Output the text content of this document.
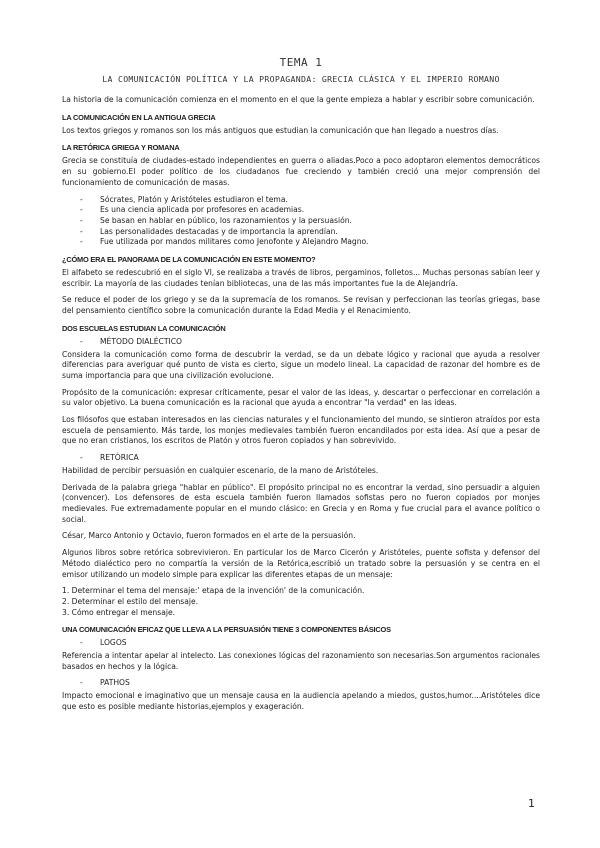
TEMA 1
LA COMUNICACIÓN POLÍTICA Y LA PROPAGANDA: GRECIA CLÁSICA Y EL IMPERIO ROMANO

La historia de la comunicación comienza en el momento en el que la gente empieza a hablar y escribir sobre comunicación.

LA COMUNICACIÓN EN LA ANTIGUA GRECIA

Los textos griegos y romanos son los más antiguos que estudian la comunicación que han llegado a nuestros días.

LA RETÓRICA GRIEGA Y ROMANA

Grecia se constituía de ciudades-estado independientes en guerra o aliadas.Poco a poco adoptaron elementos democráticos en su gobierno.El poder político de los ciudadanos fue creciendo y también creció una mejor comprensión del funcionamiento de comunicación de masas.

- Sócrates, Platón y Aristóteles estudiaron el tema.
- Es una ciencia aplicada por profesores en academias.
- Se basan en hablar en público, los razonamientos y la persuasión.
- Las personalidades destacadas y de importancia la aprendían.
- Fue utilizada por mandos militares como Jenofonte y Alejandro Magno.
¿CÓMO ERA EL PANORAMA DE LA COMUNICACIÓN EN ESTE MOMENTO?

El alfabeto se redescubrió en el siglo VI, se realizaba a través de libros, pergaminos, folletos... Muchas personas sabían leer y escribir. La mayoría de las ciudades tenían bibliotecas, una de las más importantes fue la de Alejandría.

Se reduce el poder de los griego y se da la supremacía de los romanos. Se revisan y perfeccionan las teorías griegas, base del pensamiento científico sobre la comunicación durante la Edad Media y el Renacimiento.

DOS ESCUELAS ESTUDIAN LA COMUNICACIÓN
- MÉTODO DIALÉCTICO

Considera la comunicación como forma de descubrir la verdad, se da un debate lógico y racional que ayuda a resolver diferencias para averiguar qué punto de vista es cierto, sigue un modelo lineal. La capacidad de razonar del hombre es de suma importancia para que una civilización evolucione.

Propósito de la comunicación: expresar críticamente, pesar el valor de las ideas, y. descartar o perfeccionar en correlación a su valor objetivo. La buena comunicación es la racional que ayuda a encontrar "la verdad" en las ideas.

Los filósofos que estaban interesados en las ciencias naturales y el funcionamiento del mundo, se sintieron atraídos por esta escuela de pensamiento. Más tarde, los monjes medievales también fueron encandilados por esta idea. Así que a pesar de que no eran cristianos, los escritos de Platón y otros fueron copiados y han sobrevivido.

- RETÓRICA

Habilidad de percibir persuasión en cualquier escenario, de la mano de Aristóteles.

Derivada de la palabra griega "hablar en público". El propósito principal no es encontrar la verdad, sino persuadir a alguien (convencer). Los defensores de esta escuela también fueron llamados sofistas pero no fueron copiados por monjes medievales. Fue extremadamente popular en el mundo clásico: en Grecia y en Roma y fue crucial para el avance político o social.

César, Marco Antonio y Octavio, fueron formados en el arte de la persuasión.

Algunos libros sobre retórica sobrevivieron. En particular los de Marco Cicerón y Aristóteles, puente sofista y defensor del Método dialéctico pero no compartía la versión de la Retórica,escribió un tratado sobre la persuasión y se centra en el emisor utilizando un modelo simple para explicar las diferentes etapas de un mensaje:

1. Determinar el tema del mensaje:' etapa de la invención' de la comunicación.
2. Determinar el estilo del mensaje.
3. Cómo entregar el mensaje.
UNA COMUNICACIÓN EFICAZ QUE LLEVA A LA PERSUASIÓN TIENE 3 COMPONENTES BÁSICOS
- LOGOS

Referencia a intentar apelar al intelecto. Las conexiones lógicas del razonamiento son necesarias.Son argumentos racionales basados en hechos y la lógica.

- PATHOS

Impacto emocional e imaginativo que un mensaje causa en la audiencia apelando a miedos, gustos,humor....Aristóteles dice que esto es posible mediante historias,ejemplos y exageración.

1
